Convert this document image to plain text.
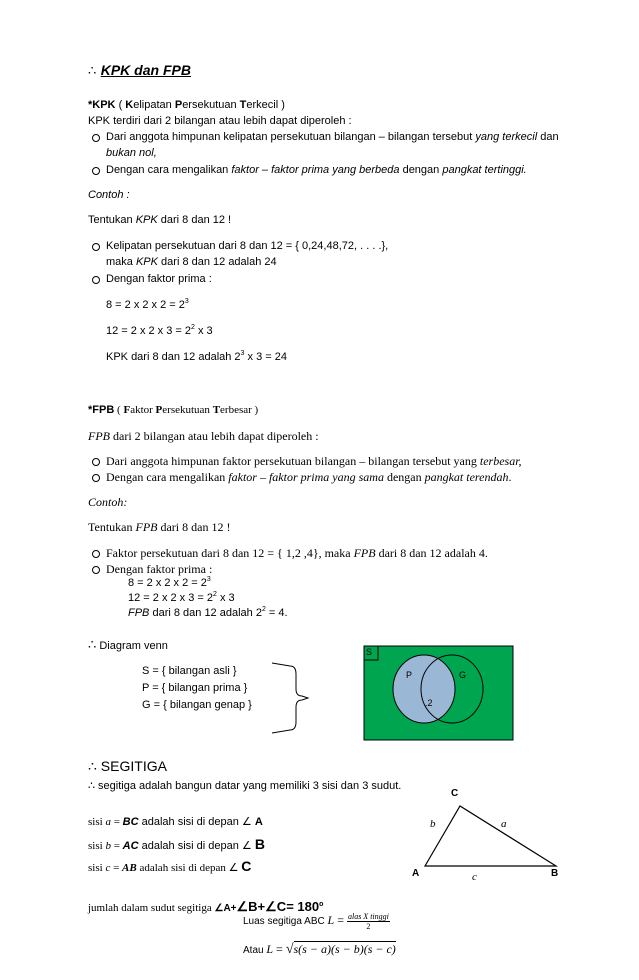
∴ KPK dan FPB
*KPK ( Kelipatan Persekutuan Terkecil )
KPK terdiri dari 2 bilangan atau lebih dapat diperoleh :
Dari anggota himpunan kelipatan persekutuan bilangan – bilangan tersebut yang terkecil dan
bukan nol,
Dengan cara mengalikan faktor – faktor prima yang berbeda dengan pangkat tertinggi.
Contoh :
Tentukan KPK dari 8 dan 12 !
Kelipatan persekutuan dari 8 dan 12 = { 0,24,48,72, . . . .},
maka KPK dari 8 dan 12 adalah 24
Dengan faktor prima :
8 = 2 x 2 x $2 = 2^3$
12 = 2 x 2 x $3 = 2^2$ x 3
KPK dari 8 dan 12 adalah $2^3$ x 3 = 24
*FPB ( Faktor Persekutuan Terbesar )
FPB dari 2 bilangan atau lebih dapat diperoleh :
Dari anggota himpunan faktor persekutuan bilangan – bilangan tersebut yang terbesar,
Dengan cara mengalikan faktor – faktor prima yang sama dengan pangkat terendah.
Contoh:
Tentukan FPB dari 8 dan 12 !
Faktor persekutuan dari 8 dan 12 = { 1,2 ,4}, maka FPB dari 8 dan 12 adalah 4.
Dengan faktor prima :
8 = 2 x 2 x $2 = 2^3$
12 = 2 x 2 x $3 = 2^2$ x 3
FPB dari 8 dan 12 adalah $2^2 = 4$.
∴ Diagram venn
S = { bilangan asli }
P = { bilangan prima }
G = { bilangan genap }
S
P	G
.2
∴ SEGITIGA
∴ segitiga adalah bangun datar yang memiliki 3 sisi dan 3 sudut.
sisi a = BC adalah sisi di depan ∠ A
sisi b = AC adalah sisi di depan ∠ B
sisi c = AB adalah sisi di depan ∠ C
jumlah dalam sudut segitiga ∠A+∠B+∠C= $180^o$
Luas segitiga ABC L = alas X tinggi
2
Atau L = √s(s − a)(s − b)(s − c)
C
A	B
b	a
c
